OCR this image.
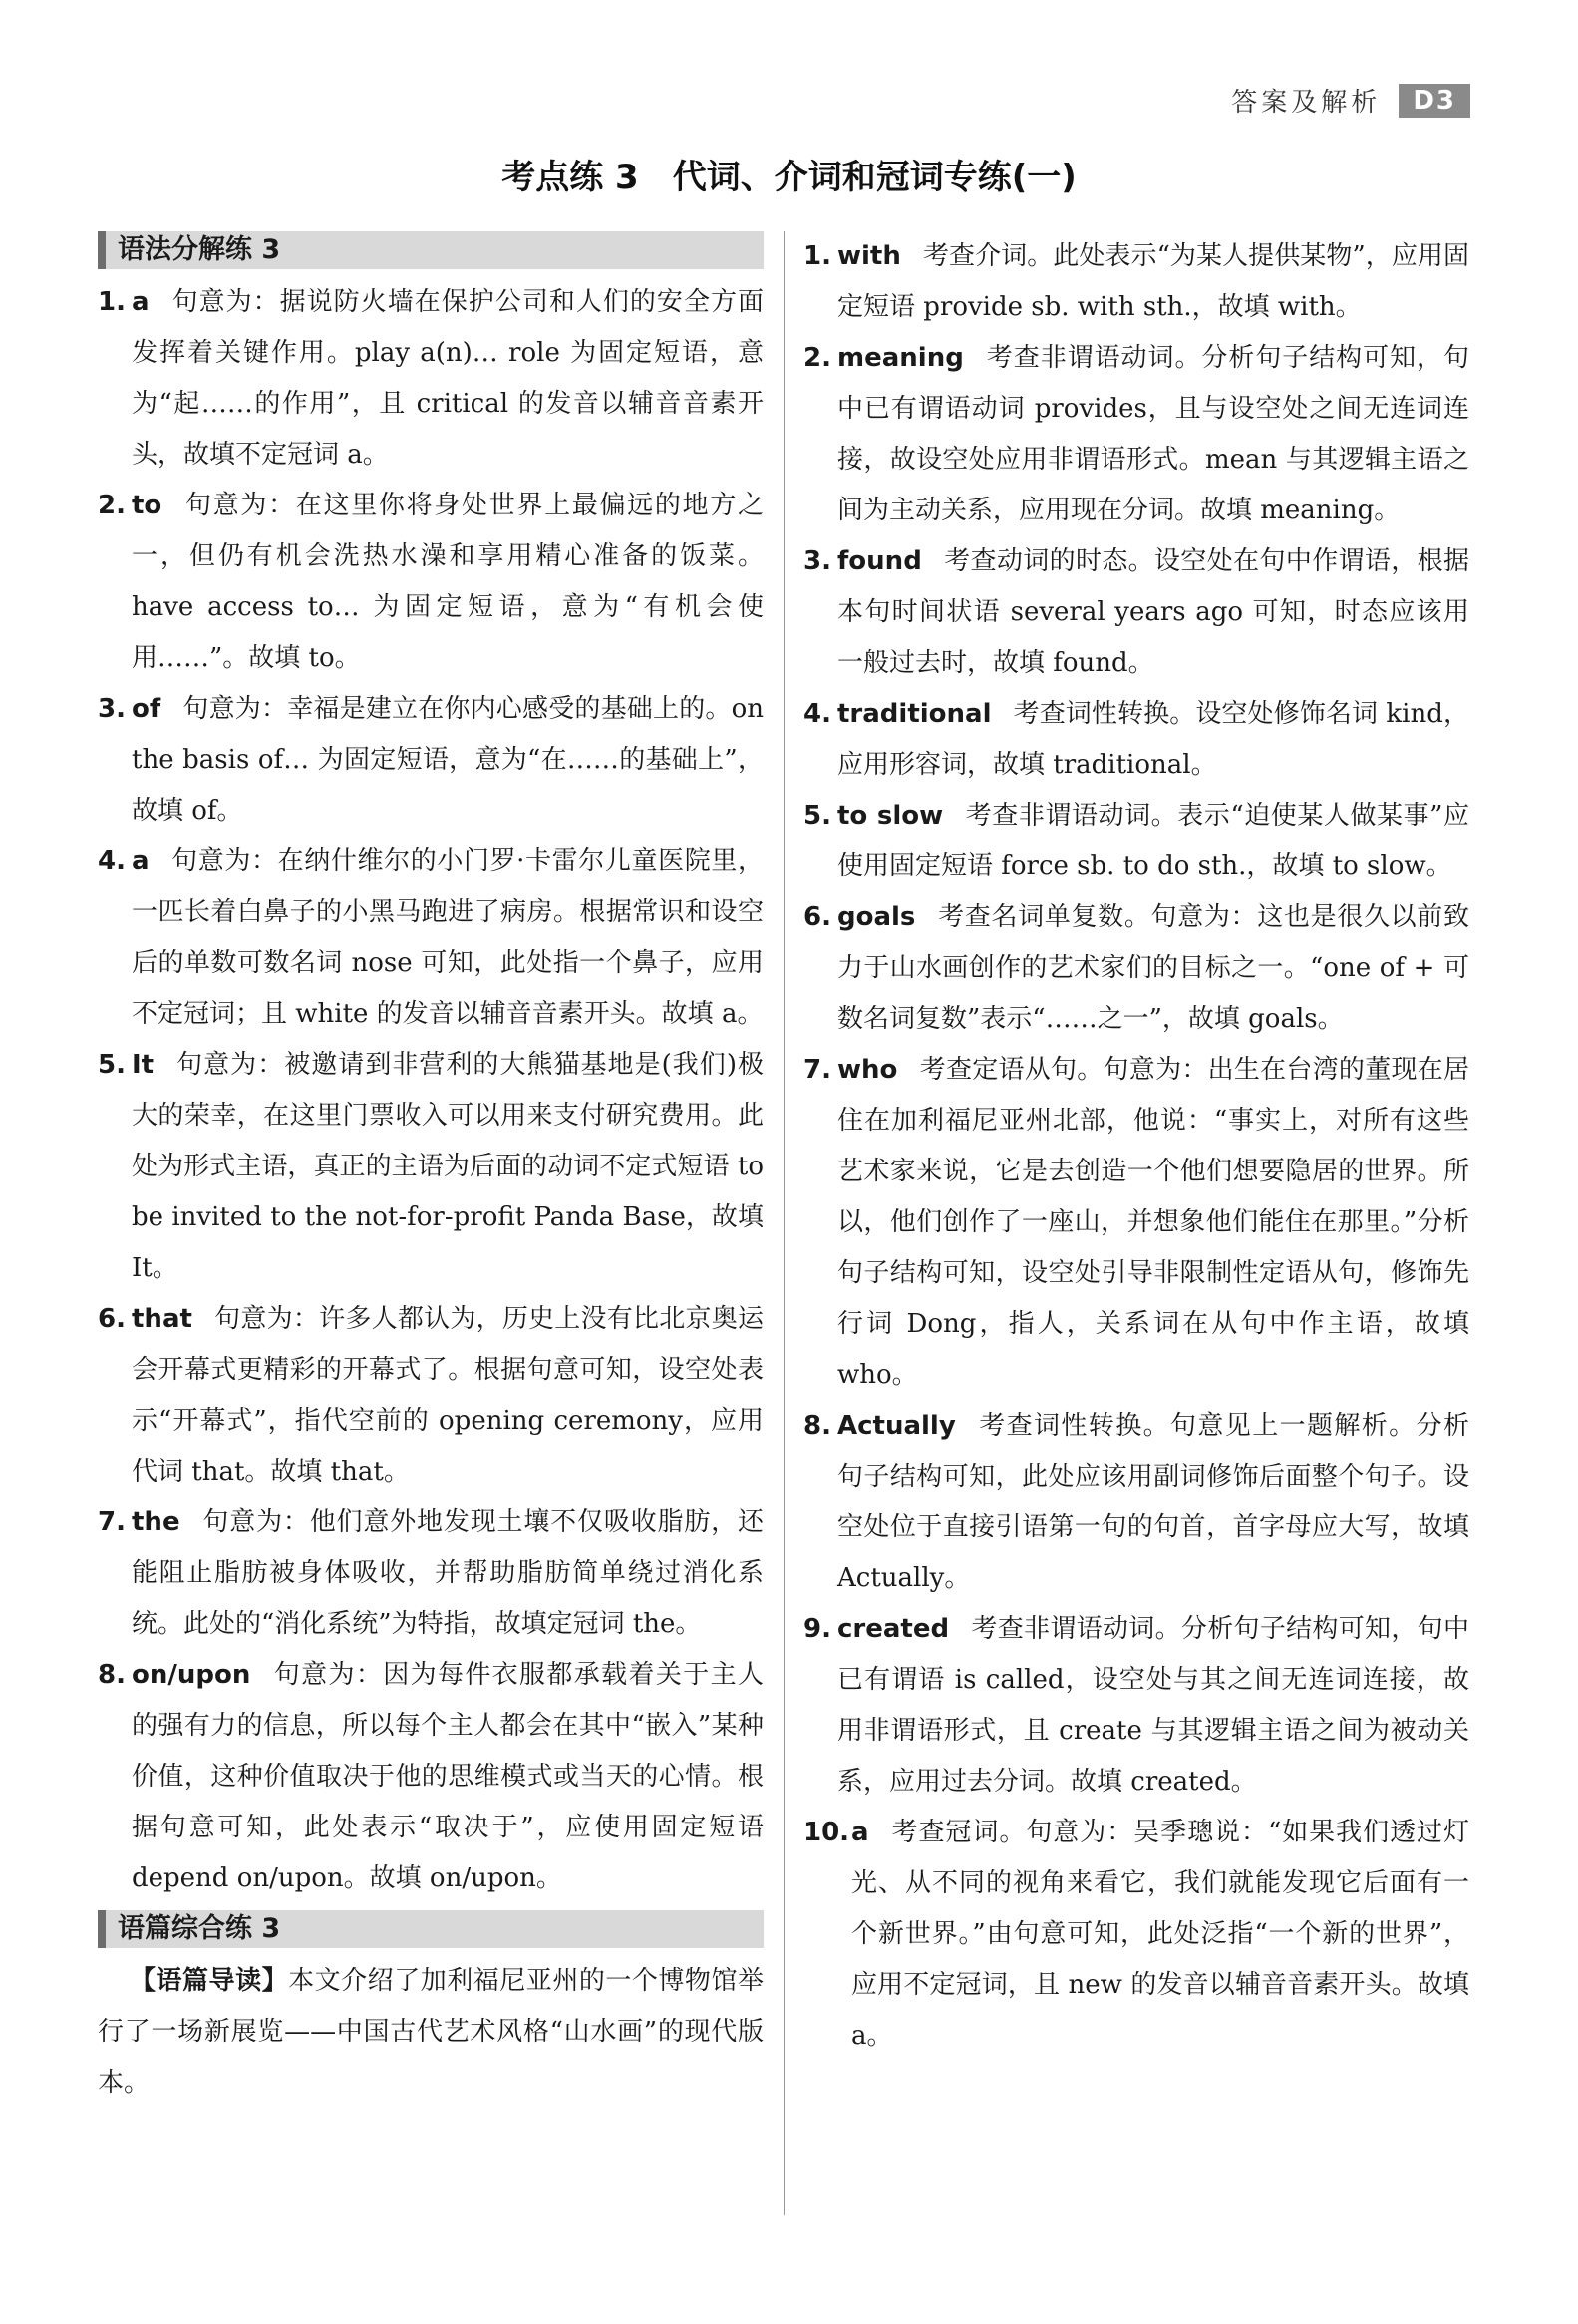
答案及解析	D3
考点练 3　代词、介词和冠词专练(一)
语法分解练 3
1. a 句意为：据说防火墙在保护公司和人们的安全方面发挥着关键作用。play a(n)… role 为固定短语，意为“起……的作用”，且 critical 的发音以辅音音素开头，故填不定冠词 a。
2. to 句意为：在这里你将身处世界上最偏远的地方之一，但仍有机会洗热水澡和享用精心准备的饭菜。have access to… 为固定短语，意为“有机会使用……”。故填 to。
3. of 句意为：幸福是建立在你内心感受的基础上的。on the basis of… 为固定短语，意为“在……的基础上”，故填 of。
4. a 句意为：在纳什维尔的小门罗·卡雷尔儿童医院里，一匹长着白鼻子的小黑马跑进了病房。根据常识和设空后的单数可数名词 nose 可知，此处指一个鼻子，应用不定冠词；且 white 的发音以辅音音素开头。故填 a。
5. It 句意为：被邀请到非营利的大熊猫基地是(我们)极大的荣幸，在这里门票收入可以用来支付研究费用。此处为形式主语，真正的主语为后面的动词不定式短语 to be invited to the not-for-profit Panda Base，故填 It。
6. that 句意为：许多人都认为，历史上没有比北京奥运会开幕式更精彩的开幕式了。根据句意可知，设空处表示“开幕式”，指代空前的 opening ceremony，应用代词 that。故填 that。
7. the 句意为：他们意外地发现土壤不仅吸收脂肪，还能阻止脂肪被身体吸收，并帮助脂肪简单绕过消化系统。此处的“消化系统”为特指，故填定冠词 the。
8. on/upon 句意为：因为每件衣服都承载着关于主人的强有力的信息，所以每个主人都会在其中“嵌入”某种价值，这种价值取决于他的思维模式或当天的心情。根据句意可知，此处表示“取决于”，应使用固定短语 depend on/upon。故填 on/upon。
语篇综合练 3
【语篇导读】本文介绍了加利福尼亚州的一个博物馆举行了一场新展览——中国古代艺术风格“山水画”的现代版本。
1. with 考查介词。此处表示“为某人提供某物”，应用固定短语 provide sb. with sth.，故填 with。
2. meaning 考查非谓语动词。分析句子结构可知，句中已有谓语动词 provides，且与设空处之间无连词连接，故设空处应用非谓语形式。mean 与其逻辑主语之间为主动关系，应用现在分词。故填 meaning。
3. found 考查动词的时态。设空处在句中作谓语，根据本句时间状语 several years ago 可知，时态应该用一般过去时，故填 found。
4. traditional 考查词性转换。设空处修饰名词 kind，应用形容词，故填 traditional。
5. to slow 考查非谓语动词。表示“迫使某人做某事”应使用固定短语 force sb. to do sth.，故填 to slow。
6. goals 考查名词单复数。句意为：这也是很久以前致力于山水画创作的艺术家们的目标之一。“one of + 可数名词复数”表示“……之一”，故填 goals。
7. who 考查定语从句。句意为：出生在台湾的董现在居住在加利福尼亚州北部，他说：“事实上，对所有这些艺术家来说，它是去创造一个他们想要隐居的世界。所以，他们创作了一座山，并想象他们能住在那里。”分析句子结构可知，设空处引导非限制性定语从句，修饰先行词 Dong，指人，关系词在从句中作主语，故填 who。
8. Actually 考查词性转换。句意见上一题解析。分析句子结构可知，此处应该用副词修饰后面整个句子。设空处位于直接引语第一句的句首，首字母应大写，故填 Actually。
9. created 考查非谓语动词。分析句子结构可知，句中已有谓语 is called，设空处与其之间无连词连接，故用非谓语形式，且 create 与其逻辑主语之间为被动关系，应用过去分词。故填 created。
10. a 考查冠词。句意为：吴季璁说：“如果我们透过灯光、从不同的视角来看它，我们就能发现它后面有一个新世界。”由句意可知，此处泛指“一个新的世界”，应用不定冠词，且 new 的发音以辅音音素开头。故填 a。
